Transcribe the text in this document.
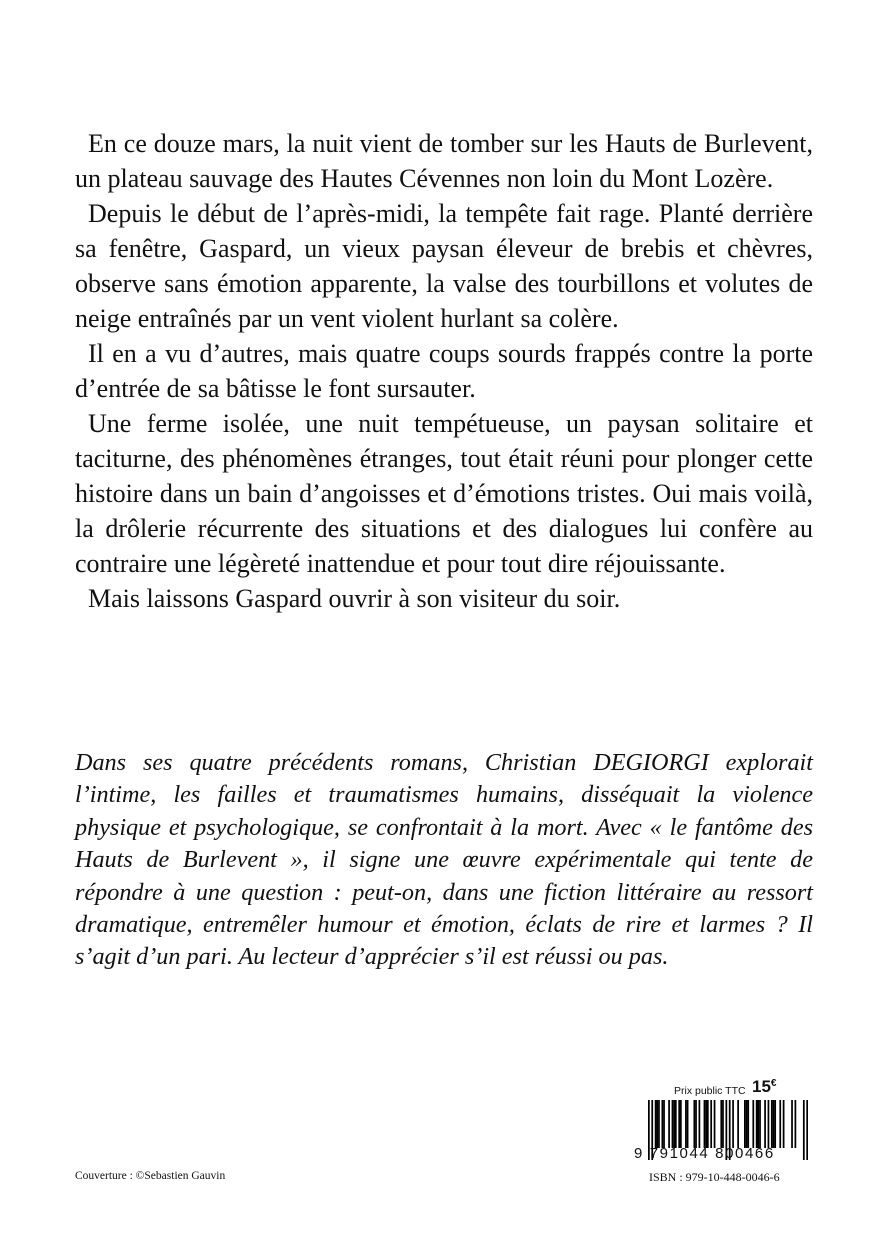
En ce douze mars, la nuit vient de tomber sur les Hauts de Burlevent, un plateau sauvage des Hautes Cévennes non loin du Mont Lozère.

Depuis le début de l’après-midi, la tempête fait rage. Planté derrière sa fenêtre, Gaspard, un vieux paysan éleveur de brebis et chèvres, observe sans émotion apparente, la valse des tourbillons et volutes de neige entraînés par un vent violent hurlant sa colère.

Il en a vu d’autres, mais quatre coups sourds frappés contre la porte d’entrée de sa bâtisse le font sursauter.

Une ferme isolée, une nuit tempétueuse, un paysan solitaire et taciturne, des phénomènes étranges, tout était réuni pour plonger cette histoire dans un bain d’angoisses et d’émotions tristes. Oui mais voilà, la drôlerie récurrente des situations et des dialogues lui confère au contraire une légèreté inattendue et pour tout dire réjouissante.

Mais laissons Gaspard ouvrir à son visiteur du soir.

Dans ses quatre précédents romans, Christian DEGIORGI explorait l’intime, les failles et traumatismes humains, disséquait la violence physique et psychologique, se confrontait à la mort. Avec « le fantôme des Hauts de Burlevent », il signe une œuvre expérimentale qui tente de répondre à une question : peut-on, dans une fiction littéraire au ressort dramatique, entremêler humour et émotion, éclats de rire et larmes ? Il s’agit d’un pari. Au lecteur d’apprécier s’il est réussi ou pas.

Prix public TTC 15€
9 791044 800466
ISBN : 979-10-448-0046-6
Couverture : ©Sebastien Gauvin
